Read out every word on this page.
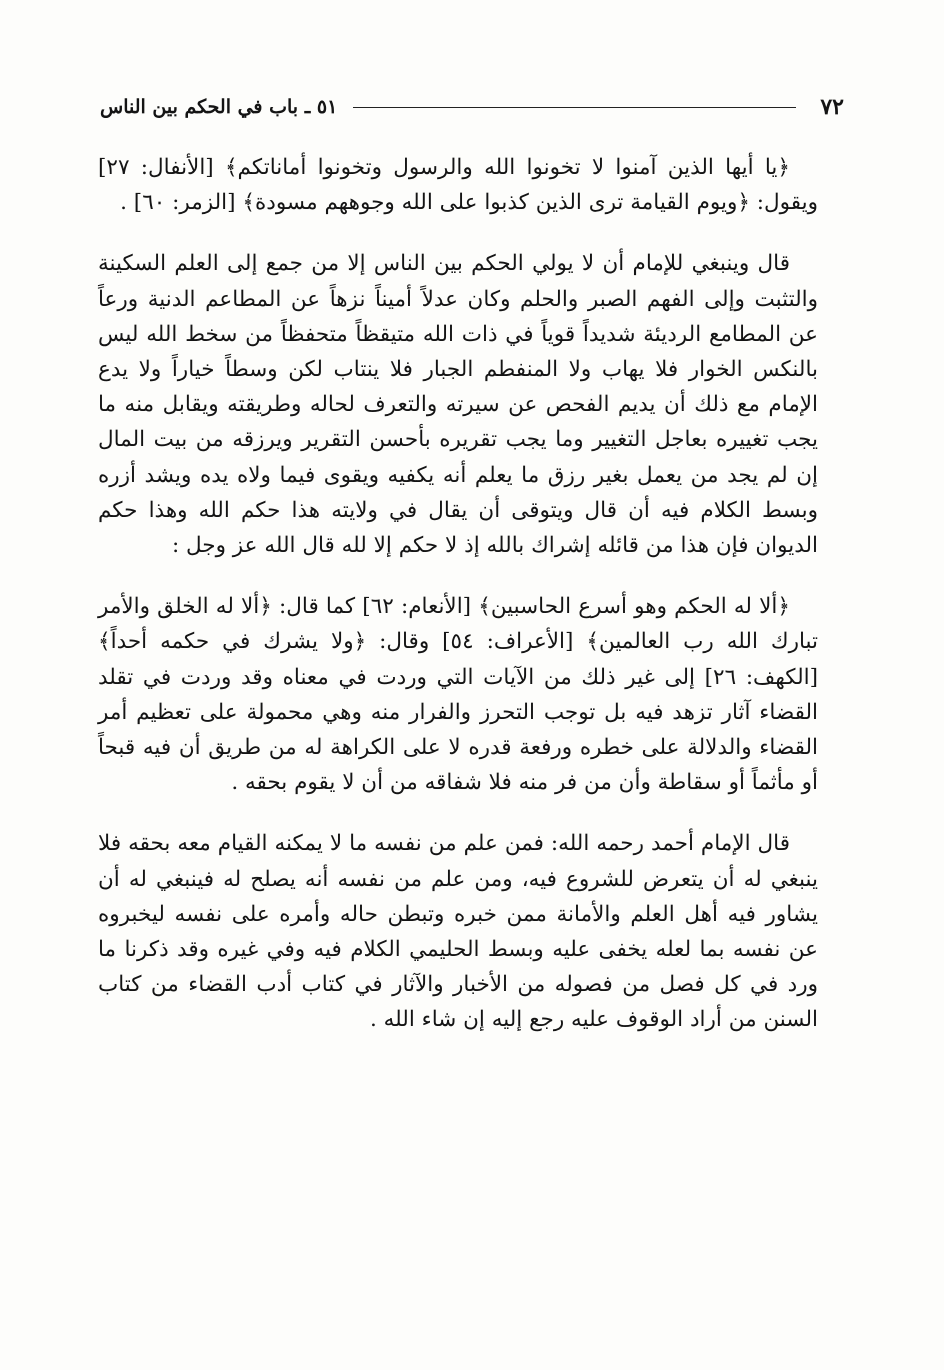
٧٢
٥١ ـ باب في الحكم بين الناس

﴿يا أيها الذين آمنوا لا تخونوا الله والرسول وتخونوا أماناتكم﴾ [الأنفال: ٢٧] ويقول: ﴿ويوم القيامة ترى الذين كذبوا على الله وجوههم مسودة﴾ [الزمر: ٦٠] .

قال وينبغي للإمام أن لا يولي الحكم بين الناس إلا من جمع إلى العلم السكينة والتثبت وإلى الفهم الصبر والحلم وكان عدلاً أميناً نزهاً عن المطاعم الدنية ورعاً عن المطامع الرديئة شديداً قوياً في ذات الله متيقظاً متحفظاً من سخط الله ليس بالنكس الخوار فلا يهاب ولا المنفطم الجبار فلا ينتاب لكن وسطاً خياراً ولا يدع الإمام مع ذلك أن يديم الفحص عن سيرته والتعرف لحاله وطريقته ويقابل منه ما يجب تغييره بعاجل التغيير وما يجب تقريره بأحسن التقرير ويرزقه من بيت المال إن لم يجد من يعمل بغير رزق ما يعلم أنه يكفيه ويقوى فيما ولاه يده ويشد أزره وبسط الكلام فيه أن قال ويتوقى أن يقال في ولايته هذا حكم الله وهذا حكم الديوان فإن هذا من قائله إشراك بالله إذ لا حكم إلا لله قال الله عز وجل :

﴿ألا له الحكم وهو أسرع الحاسبين﴾ [الأنعام: ٦٢] كما قال: ﴿ألا له الخلق والأمر تبارك الله رب العالمين﴾ [الأعراف: ٥٤] وقال: ﴿ولا يشرك في حكمه أحداً﴾ [الكهف: ٢٦] إلى غير ذلك من الآيات التي وردت في معناه وقد وردت في تقلد القضاء آثار تزهد فيه بل توجب التحرز والفرار منه وهي محمولة على تعظيم أمر القضاء والدلالة على خطره ورفعة قدره لا على الكراهة له من طريق أن فيه قبحاً أو مأثماً أو سقاطة وأن من فر منه فلا شفاقه من أن لا يقوم بحقه .

قال الإمام أحمد رحمه الله: فمن علم من نفسه ما لا يمكنه القيام معه بحقه فلا ينبغي له أن يتعرض للشروع فيه، ومن علم من نفسه أنه يصلح له فينبغي له أن يشاور فيه أهل العلم والأمانة ممن خبره وتبطن حاله وأمره على نفسه ليخبروه عن نفسه بما لعله يخفى عليه وبسط الحليمي الكلام فيه وفي غيره وقد ذكرنا ما ورد في كل فصل من فصوله من الأخبار والآثار في كتاب أدب القضاء من كتاب السنن من أراد الوقوف عليه رجع إليه إن شاء الله .
